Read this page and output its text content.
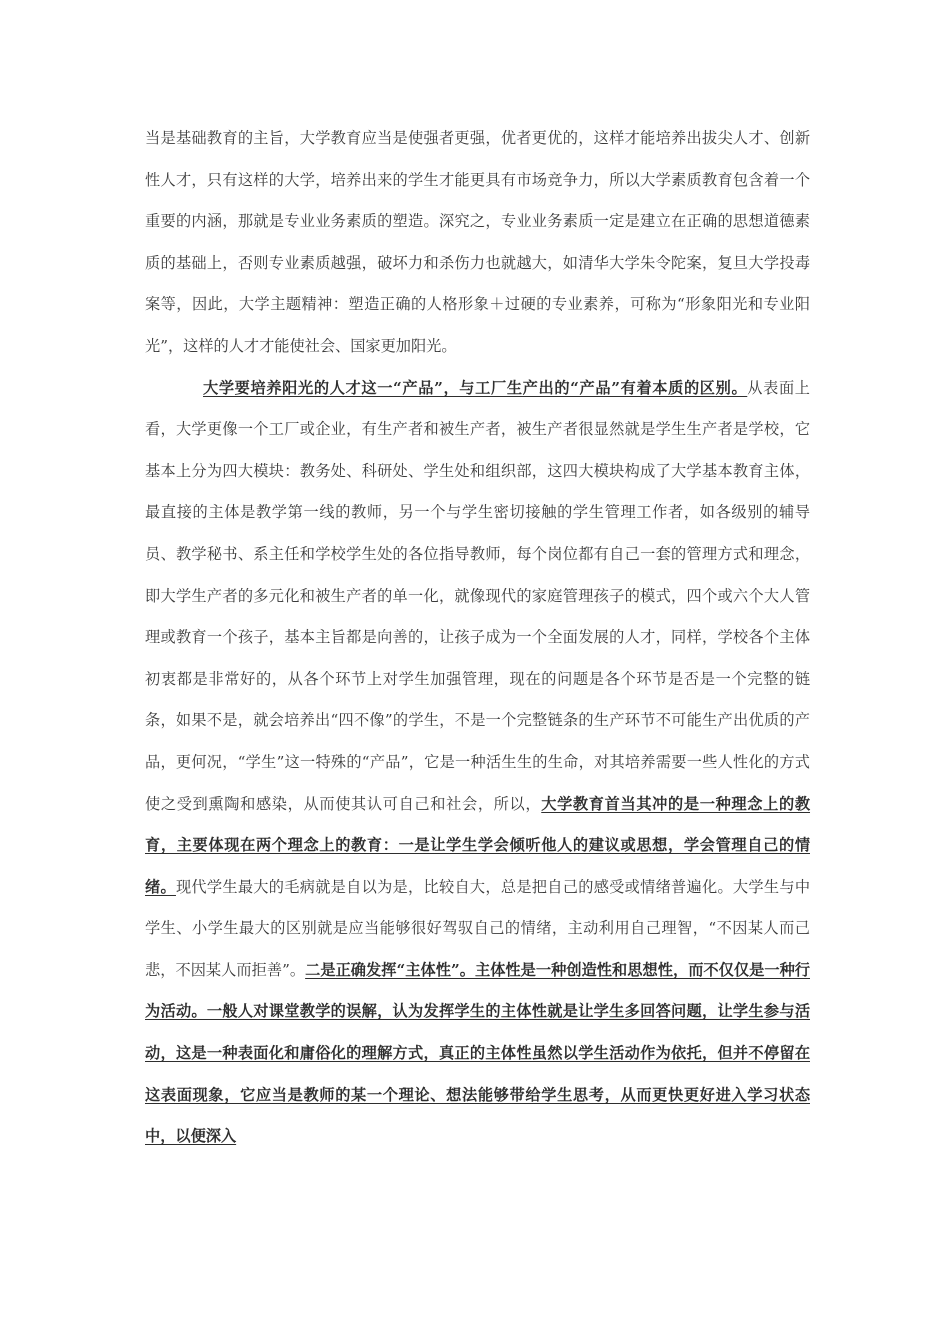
当是基础教育的主旨，大学教育应当是使强者更强，优者更优的，这样才能培养出拔尖人才、创新性人才，只有这样的大学，培养出来的学生才能更具有市场竞争力，所以大学素质教育包含着一个重要的内涵，那就是专业业务素质的塑造。深究之，专业业务素质一定是建立在正确的思想道德素质的基础上，否则专业素质越强，破坏力和杀伤力也就越大，如清华大学朱令陀案，复旦大学投毒案等，因此，大学主题精神：塑造正确的人格形象＋过硬的专业素养，可称为“形象阳光和专业阳光”，这样的人才才能使社会、国家更加阳光。

大学要培养阳光的人才这一“产品”，与工厂生产出的“产品”有着本质的区别。从表面上看，大学更像一个工厂或企业，有生产者和被生产者，被生产者很显然就是学生生产者是学校，它基本上分为四大模块：教务处、科研处、学生处和组织部，这四大模块构成了大学基本教育主体，最直接的主体是教学第一线的教师，另一个与学生密切接触的学生管理工作者，如各级别的辅导员、教学秘书、系主任和学校学生处的各位指导教师，每个岗位都有自己一套的管理方式和理念，即大学生产者的多元化和被生产者的单一化，就像现代的家庭管理孩子的模式，四个或六个大人管理或教育一个孩子，基本主旨都是向善的，让孩子成为一个全面发展的人才，同样，学校各个主体初衷都是非常好的，从各个环节上对学生加强管理，现在的问题是各个环节是否是一个完整的链条，如果不是，就会培养出“四不像”的学生，不是一个完整链条的生产环节不可能生产出优质的产品，更何况，“学生”这一特殊的“产品”，它是一种活生生的生命，对其培养需要一些人性化的方式使之受到熏陶和感染，从而使其认可自己和社会，所以，大学教育首当其冲的是一种理念上的教育，主要体现在两个理念上的教育：一是让学生学会倾听他人的建议或思想，学会管理自己的情绪。现代学生最大的毛病就是自以为是，比较自大，总是把自己的感受或情绪普遍化。大学生与中学生、小学生最大的区别就是应当能够很好驾驭自己的情绪，主动利用自己理智，“不因某人而己悲，不因某人而拒善”。二是正确发挥“主体性”。主体性是一种创造性和思想性，而不仅仅是一种行为活动。一般人对课堂教学的误解，认为发挥学生的主体性就是让学生多回答问题，让学生参与活动，这是一种表面化和庸俗化的理解方式，真正的主体性虽然以学生活动作为依托，但并不停留在这表面现象，它应当是教师的某一个理论、想法能够带给学生思考，从而更快更好进入学习状态中，以便深入
